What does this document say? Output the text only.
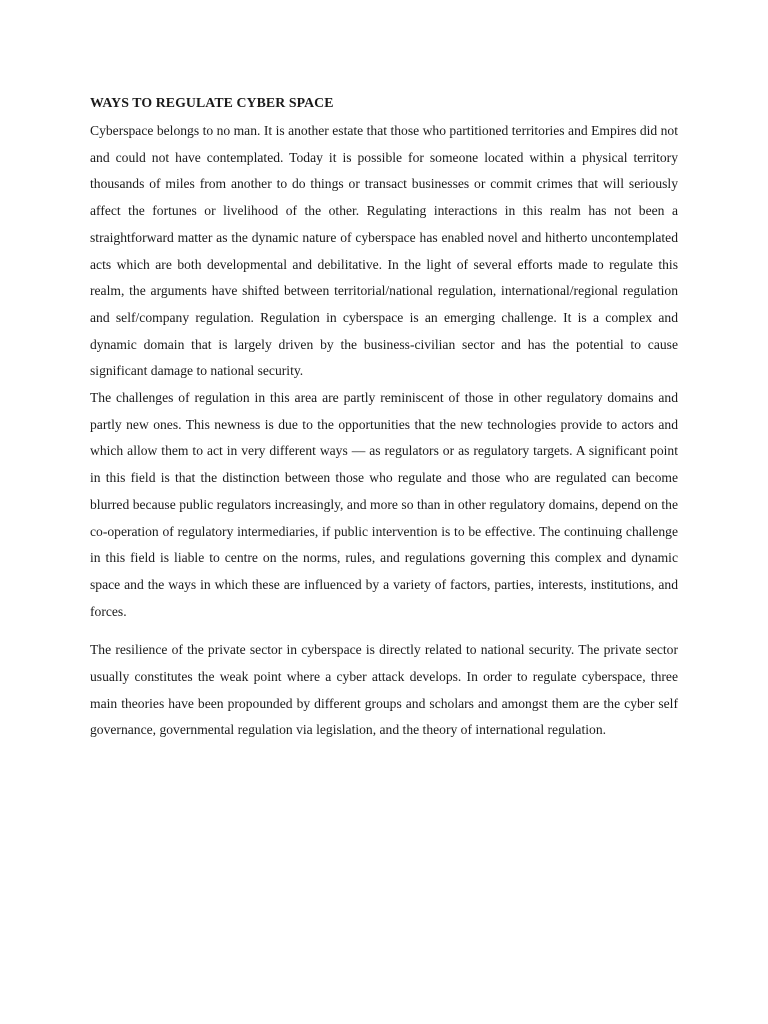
WAYS TO REGULATE CYBER SPACE

Cyberspace belongs to no man. It is another estate that those who partitioned territories and Empires did not and could not have contemplated. Today it is possible for someone located within a physical territory thousands of miles from another to do things or transact businesses or commit crimes that will seriously affect the fortunes or livelihood of the other. Regulating interactions in this realm has not been a straightforward matter as the dynamic nature of cyberspace has enabled novel and hitherto uncontemplated acts which are both developmental and debilitative. In the light of several efforts made to regulate this realm, the arguments have shifted between territorial/national regulation, international/regional regulation and self/company regulation. Regulation in cyberspace is an emerging challenge. It is a complex and dynamic domain that is largely driven by the business-civilian sector and has the potential to cause significant damage to national security.

The challenges of regulation in this area are partly reminiscent of those in other regulatory domains and partly new ones. This newness is due to the opportunities that the new technologies provide to actors and which allow them to act in very different ways — as regulators or as regulatory targets. A significant point in this field is that the distinction between those who regulate and those who are regulated can become blurred because public regulators increasingly, and more so than in other regulatory domains, depend on the co-operation of regulatory intermediaries, if public intervention is to be effective. The continuing challenge in this field is liable to centre on the norms, rules, and regulations governing this complex and dynamic space and the ways in which these are influenced by a variety of factors, parties, interests, institutions, and forces.

The resilience of the private sector in cyberspace is directly related to national security. The private sector usually constitutes the weak point where a cyber attack develops. In order to regulate cyberspace, three main theories have been propounded by different groups and scholars and amongst them are the cyber self governance, governmental regulation via legislation, and the theory of international regulation.
